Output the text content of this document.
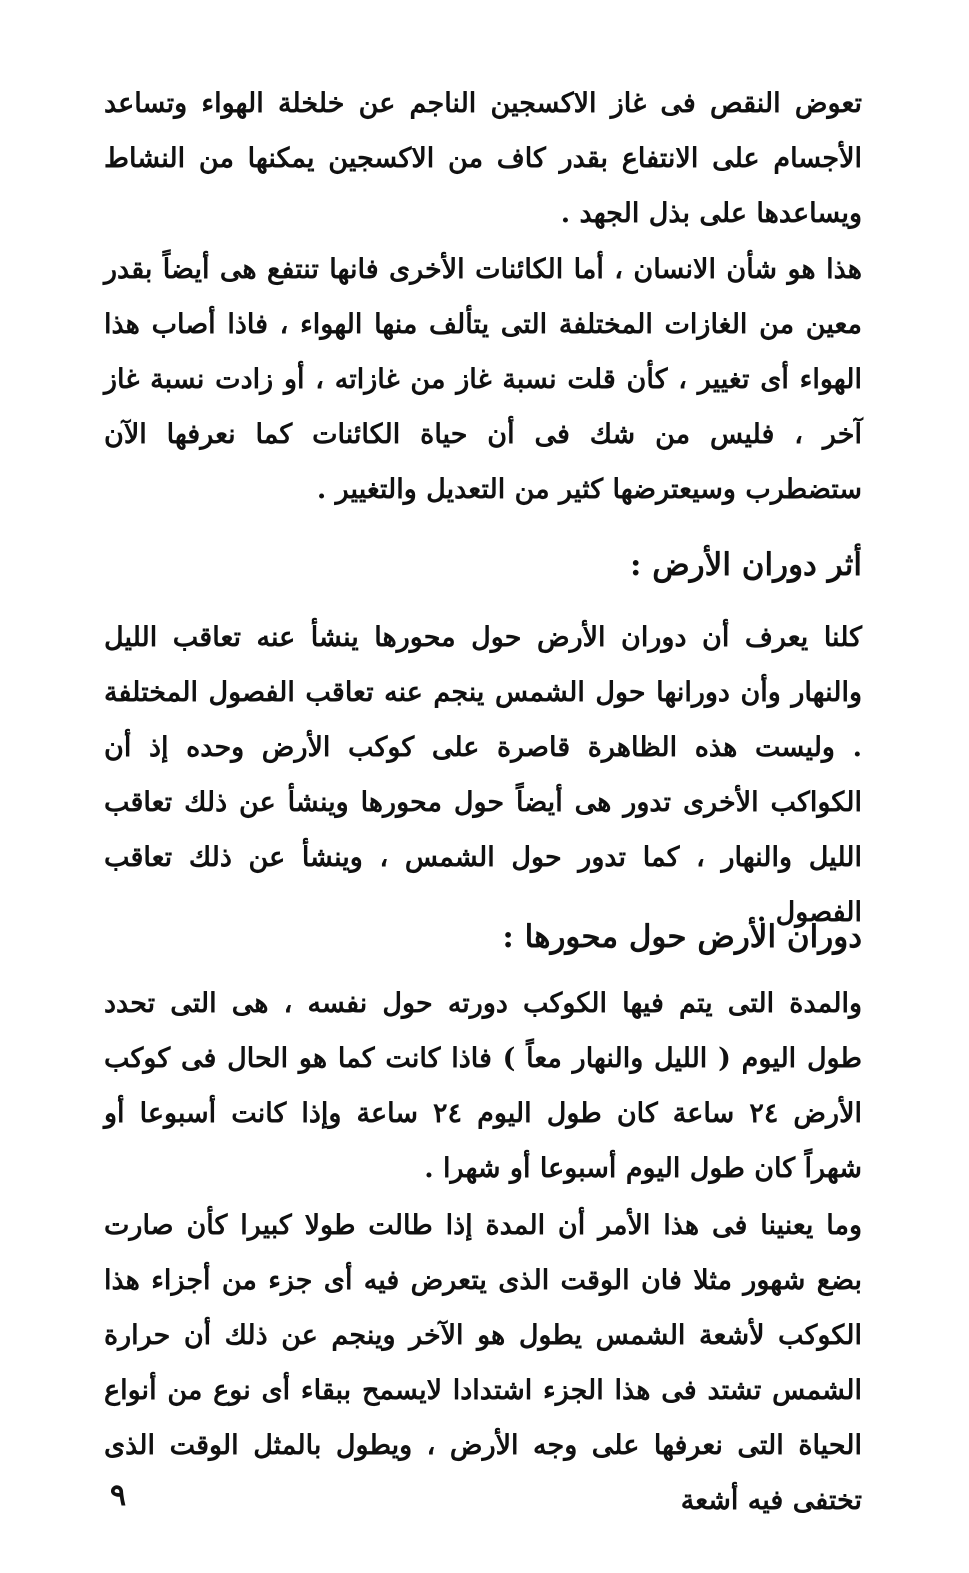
تعوض النقص فى غاز الاكسجين الناجم عن خلخلة الهواء وتساعد الأجسام على الانتفاع بقدر كاف من الاكسجين يمكنها من النشاط ويساعدها على بذل الجهد .

هذا هو شأن الانسان ، أما الكائنات الأخرى فانها تنتفع هى أيضاً بقدر معين من الغازات المختلفة التى يتألف منها الهواء ، فاذا أصاب هذا الهواء أى تغيير ، كأن قلت نسبة غاز من غازاته ، أو زادت نسبة غاز آخر ، فليس من شك فى أن حياة الكائنات كما نعرفها الآن ستضطرب وسيعترضها كثير من التعديل والتغيير .

أثر دوران الأرض :

كلنا يعرف أن دوران الأرض حول محورها ينشأ عنه تعاقب الليل والنهار وأن دورانها حول الشمس ينجم عنه تعاقب الفصول المختلفة . وليست هذه الظاهرة قاصرة على كوكب الأرض وحده إذ أن الكواكب الأخرى تدور هى أيضاً حول محورها وينشأ عن ذلك تعاقب الليل والنهار ، كما تدور حول الشمس ، وينشأ عن ذلك تعاقب الفصول .

دوران الأرض حول محورها :

والمدة التى يتم فيها الكوكب دورته حول نفسه ، هى التى تحدد طول اليوم ( الليل والنهار معاً ) فاذا كانت كما هو الحال فى كوكب الأرض ٢٤ ساعة كان طول اليوم ٢٤ ساعة وإذا كانت أسبوعا أو شهراً كان طول اليوم أسبوعا أو شهرا .

وما يعنينا فى هذا الأمر أن المدة إذا طالت طولا كبيرا كأن صارت بضع شهور مثلا فان الوقت الذى يتعرض فيه أى جزء من أجزاء هذا الكوكب لأشعة الشمس يطول هو الآخر وينجم عن ذلك أن حرارة الشمس تشتد فى هذا الجزء اشتدادا لايسمح ببقاء أى نوع من أنواع الحياة التى نعرفها على وجه الأرض ، ويطول بالمثل الوقت الذى تختفى فيه أشعة

٩
